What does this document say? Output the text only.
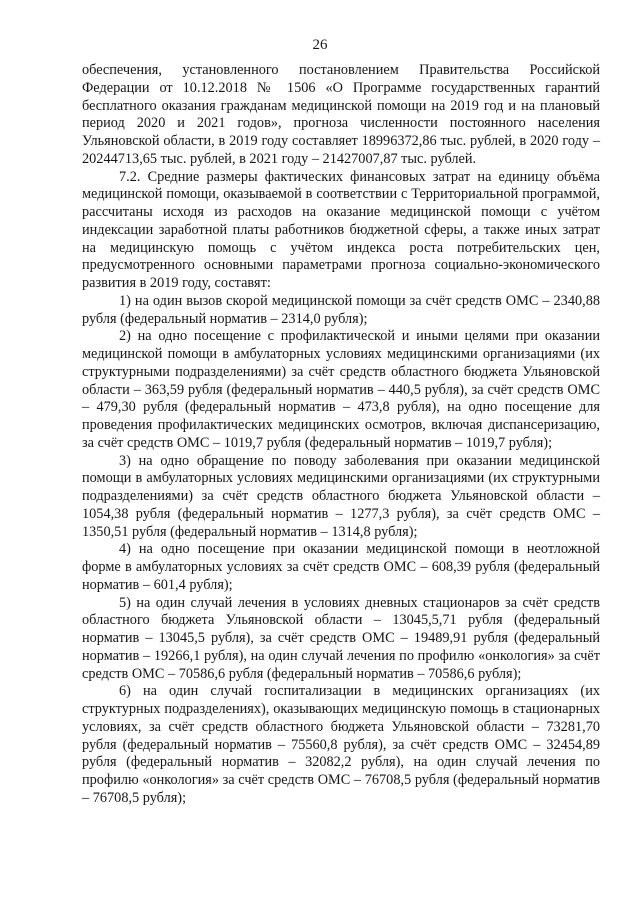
26

обеспечения, установленного постановлением Правительства Российской Федерации от 10.12.2018 № 1506 «О Программе государственных гарантий бесплатного оказания гражданам медицинской помощи на 2019 год и на плановый период 2020 и 2021 годов», прогноза численности постоянного населения Ульяновской области, в 2019 году составляет 18996372,86 тыс. рублей, в 2020 году – 20244713,65 тыс. рублей, в 2021 году – 21427007,87 тыс. рублей.

7.2. Средние размеры фактических финансовых затрат на единицу объёма медицинской помощи, оказываемой в соответствии с Территориальной программой, рассчитаны исходя из расходов на оказание медицинской помощи с учётом индексации заработной платы работников бюджетной сферы, а также иных затрат на медицинскую помощь с учётом индекса роста потребительских цен, предусмотренного основными параметрами прогноза социально-экономического развития в 2019 году, составят:

1) на один вызов скорой медицинской помощи за счёт средств ОМС – 2340,88 рубля (федеральный норматив – 2314,0 рубля);

2) на одно посещение с профилактической и иными целями при оказании медицинской помощи в амбулаторных условиях медицинскими организациями (их структурными подразделениями) за счёт средств областного бюджета Ульяновской области – 363,59 рубля (федеральный норматив – 440,5 рубля), за счёт средств ОМС – 479,30 рубля (федеральный норматив – 473,8 рубля), на одно посещение для проведения профилактических медицинских осмотров, включая диспансеризацию, за счёт средств ОМС – 1019,7 рубля (федеральный норматив – 1019,7 рубля);

3) на одно обращение по поводу заболевания при оказании медицинской помощи в амбулаторных условиях медицинскими организациями (их структурными подразделениями) за счёт средств областного бюджета Ульяновской области – 1054,38 рубля (федеральный норматив – 1277,3 рубля), за счёт средств ОМС –1350,51 рубля (федеральный норматив – 1314,8 рубля);

4) на одно посещение при оказании медицинской помощи в неотложной форме в амбулаторных условиях за счёт средств ОМС – 608,39 рубля (федеральный норматив – 601,4 рубля);

5) на один случай лечения в условиях дневных стационаров за счёт средств областного бюджета Ульяновской области – 13045,5,71 рубля (федеральный норматив – 13045,5 рубля), за счёт средств ОМС – 19489,91 рубля (федеральный норматив – 19266,1 рубля), на один случай лечения по профилю «онкология» за счёт средств ОМС – 70586,6 рубля (федеральный норматив – 70586,6 рубля);

6) на один случай госпитализации в медицинских организациях (их структурных подразделениях), оказывающих медицинскую помощь в стационарных условиях, за счёт средств областного бюджета Ульяновской области – 73281,70 рубля (федеральный норматив – 75560,8 рубля), за счёт средств ОМС – 32454,89 рубля (федеральный норматив – 32082,2 рубля), на один случай лечения по профилю «онкология» за счёт средств ОМС – 76708,5 рубля (федеральный норматив – 76708,5 рубля);
